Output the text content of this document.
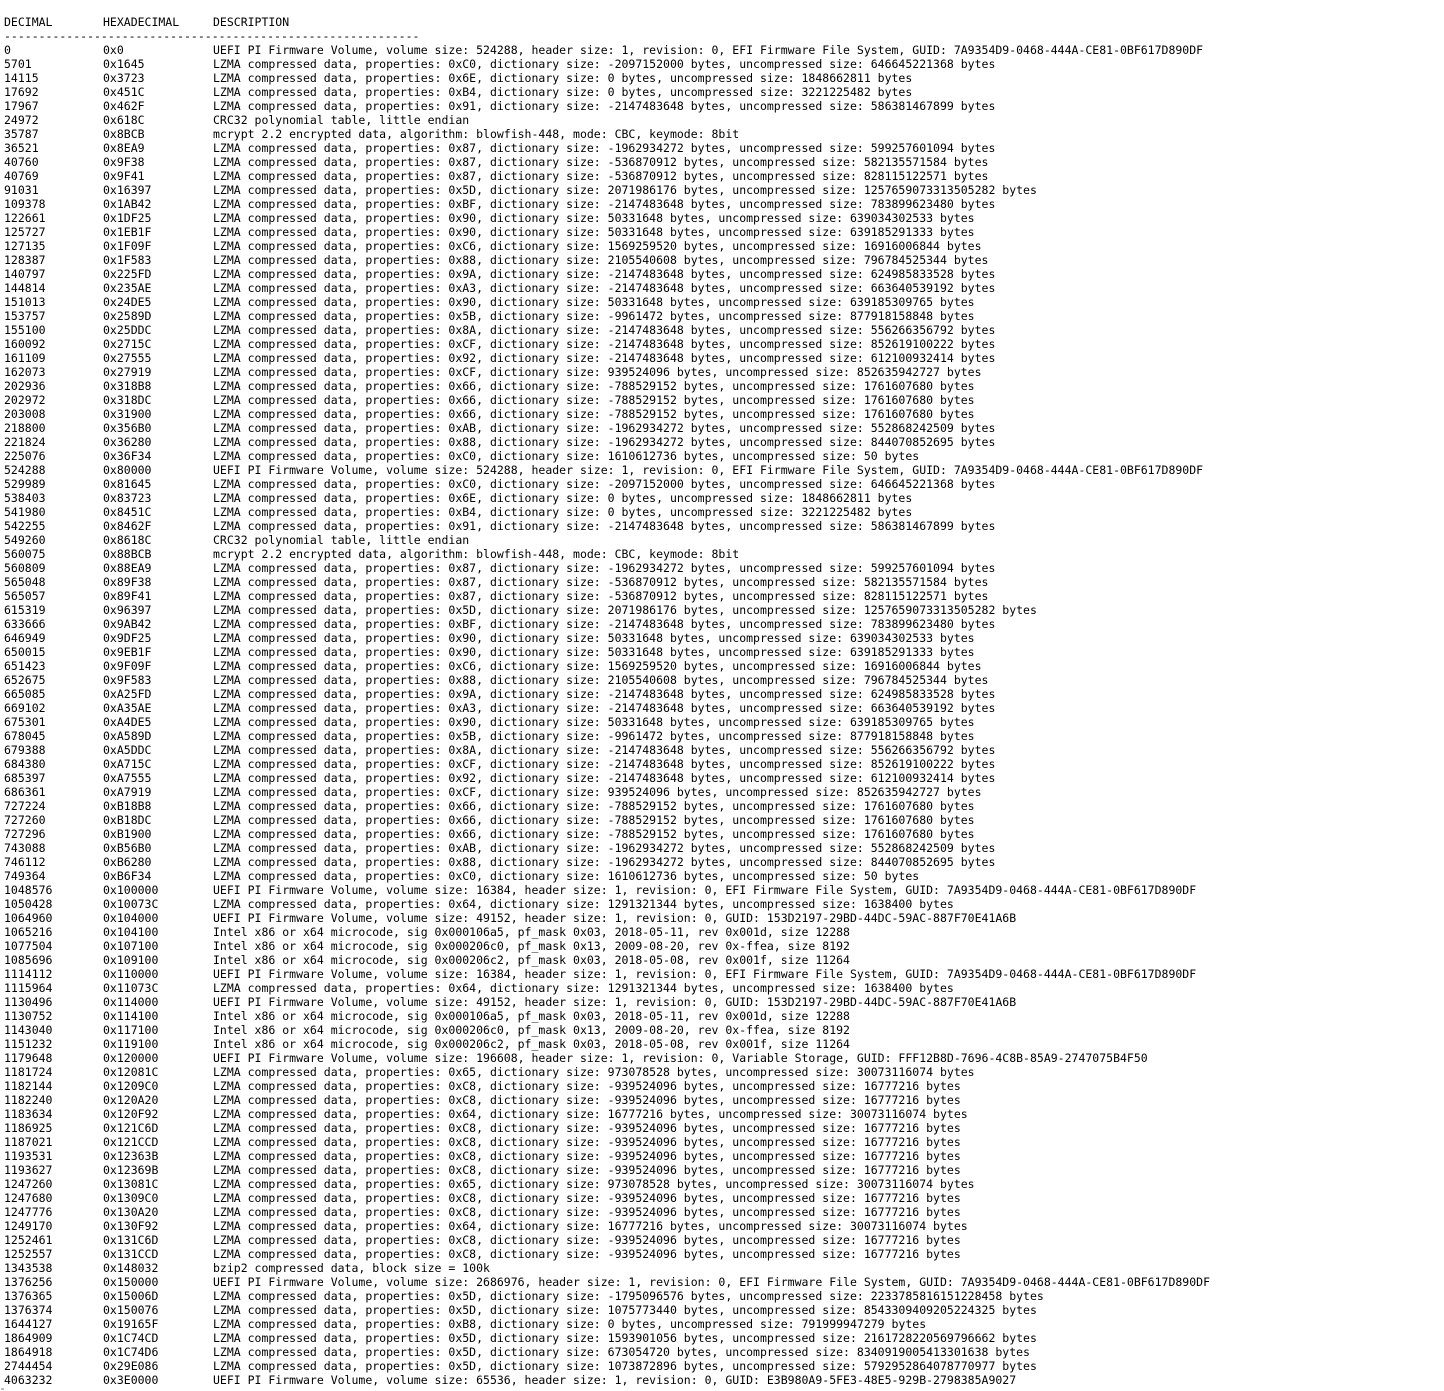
DECIMAL	HEXADECIMAL	DESCRIPTION
------------------------------------------------------------
0	0x0	UEFI PI Firmware Volume, volume size: 524288, header size: 1, revision: 0, EFI Firmware File System, GUID: 7A9354D9-0468-444A-CE81-0BF617D890DF
5701	0x1645	LZMA compressed data, properties: 0xC0, dictionary size: -2097152000 bytes, uncompressed size: 646645221368 bytes
14115	0x3723	LZMA compressed data, properties: 0x6E, dictionary size: 0 bytes, uncompressed size: 1848662811 bytes
17692	0x451C	LZMA compressed data, properties: 0xB4, dictionary size: 0 bytes, uncompressed size: 3221225482 bytes
17967	0x462F	LZMA compressed data, properties: 0x91, dictionary size: -2147483648 bytes, uncompressed size: 586381467899 bytes
24972	0x618C	CRC32 polynomial table, little endian
35787	0x8BCB	mcrypt 2.2 encrypted data, algorithm: blowfish-448, mode: CBC, keymode: 8bit
36521	0x8EA9	LZMA compressed data, properties: 0x87, dictionary size: -1962934272 bytes, uncompressed size: 599257601094 bytes
40760	0x9F38	LZMA compressed data, properties: 0x87, dictionary size: -536870912 bytes, uncompressed size: 582135571584 bytes
40769	0x9F41	LZMA compressed data, properties: 0x87, dictionary size: -536870912 bytes, uncompressed size: 828115122571 bytes
91031	0x16397	LZMA compressed data, properties: 0x5D, dictionary size: 2071986176 bytes, uncompressed size: 1257659073313505282 bytes
109378	0x1AB42	LZMA compressed data, properties: 0xBF, dictionary size: -2147483648 bytes, uncompressed size: 783899623480 bytes
122661	0x1DF25	LZMA compressed data, properties: 0x90, dictionary size: 50331648 bytes, uncompressed size: 639034302533 bytes
125727	0x1EB1F	LZMA compressed data, properties: 0x90, dictionary size: 50331648 bytes, uncompressed size: 639185291333 bytes
127135	0x1F09F	LZMA compressed data, properties: 0xC6, dictionary size: 1569259520 bytes, uncompressed size: 16916006844 bytes
128387	0x1F583	LZMA compressed data, properties: 0x88, dictionary size: 2105540608 bytes, uncompressed size: 796784525344 bytes
140797	0x225FD	LZMA compressed data, properties: 0x9A, dictionary size: -2147483648 bytes, uncompressed size: 624985833528 bytes
144814	0x235AE	LZMA compressed data, properties: 0xA3, dictionary size: -2147483648 bytes, uncompressed size: 663640539192 bytes
151013	0x24DE5	LZMA compressed data, properties: 0x90, dictionary size: 50331648 bytes, uncompressed size: 639185309765 bytes
153757	0x2589D	LZMA compressed data, properties: 0x5B, dictionary size: -9961472 bytes, uncompressed size: 877918158848 bytes
155100	0x25DDC	LZMA compressed data, properties: 0x8A, dictionary size: -2147483648 bytes, uncompressed size: 556266356792 bytes
160092	0x2715C	LZMA compressed data, properties: 0xCF, dictionary size: -2147483648 bytes, uncompressed size: 852619100222 bytes
161109	0x27555	LZMA compressed data, properties: 0x92, dictionary size: -2147483648 bytes, uncompressed size: 612100932414 bytes
162073	0x27919	LZMA compressed data, properties: 0xCF, dictionary size: 939524096 bytes, uncompressed size: 852635942727 bytes
202936	0x318B8	LZMA compressed data, properties: 0x66, dictionary size: -788529152 bytes, uncompressed size: 1761607680 bytes
202972	0x318DC	LZMA compressed data, properties: 0x66, dictionary size: -788529152 bytes, uncompressed size: 1761607680 bytes
203008	0x31900	LZMA compressed data, properties: 0x66, dictionary size: -788529152 bytes, uncompressed size: 1761607680 bytes
218800	0x356B0	LZMA compressed data, properties: 0xAB, dictionary size: -1962934272 bytes, uncompressed size: 552868242509 bytes
221824	0x36280	LZMA compressed data, properties: 0x88, dictionary size: -1962934272 bytes, uncompressed size: 844070852695 bytes
225076	0x36F34	LZMA compressed data, properties: 0xC0, dictionary size: 1610612736 bytes, uncompressed size: 50 bytes
524288	0x80000	UEFI PI Firmware Volume, volume size: 524288, header size: 1, revision: 0, EFI Firmware File System, GUID: 7A9354D9-0468-444A-CE81-0BF617D890DF
529989	0x81645	LZMA compressed data, properties: 0xC0, dictionary size: -2097152000 bytes, uncompressed size: 646645221368 bytes
538403	0x83723	LZMA compressed data, properties: 0x6E, dictionary size: 0 bytes, uncompressed size: 1848662811 bytes
541980	0x8451C	LZMA compressed data, properties: 0xB4, dictionary size: 0 bytes, uncompressed size: 3221225482 bytes
542255	0x8462F	LZMA compressed data, properties: 0x91, dictionary size: -2147483648 bytes, uncompressed size: 586381467899 bytes
549260	0x8618C	CRC32 polynomial table, little endian
560075	0x88BCB	mcrypt 2.2 encrypted data, algorithm: blowfish-448, mode: CBC, keymode: 8bit
560809	0x88EA9	LZMA compressed data, properties: 0x87, dictionary size: -1962934272 bytes, uncompressed size: 599257601094 bytes
565048	0x89F38	LZMA compressed data, properties: 0x87, dictionary size: -536870912 bytes, uncompressed size: 582135571584 bytes
565057	0x89F41	LZMA compressed data, properties: 0x87, dictionary size: -536870912 bytes, uncompressed size: 828115122571 bytes
615319	0x96397	LZMA compressed data, properties: 0x5D, dictionary size: 2071986176 bytes, uncompressed size: 1257659073313505282 bytes
633666	0x9AB42	LZMA compressed data, properties: 0xBF, dictionary size: -2147483648 bytes, uncompressed size: 783899623480 bytes
646949	0x9DF25	LZMA compressed data, properties: 0x90, dictionary size: 50331648 bytes, uncompressed size: 639034302533 bytes
650015	0x9EB1F	LZMA compressed data, properties: 0x90, dictionary size: 50331648 bytes, uncompressed size: 639185291333 bytes
651423	0x9F09F	LZMA compressed data, properties: 0xC6, dictionary size: 1569259520 bytes, uncompressed size: 16916006844 bytes
652675	0x9F583	LZMA compressed data, properties: 0x88, dictionary size: 2105540608 bytes, uncompressed size: 796784525344 bytes
665085	0xA25FD	LZMA compressed data, properties: 0x9A, dictionary size: -2147483648 bytes, uncompressed size: 624985833528 bytes
669102	0xA35AE	LZMA compressed data, properties: 0xA3, dictionary size: -2147483648 bytes, uncompressed size: 663640539192 bytes
675301	0xA4DE5	LZMA compressed data, properties: 0x90, dictionary size: 50331648 bytes, uncompressed size: 639185309765 bytes
678045	0xA589D	LZMA compressed data, properties: 0x5B, dictionary size: -9961472 bytes, uncompressed size: 877918158848 bytes
679388	0xA5DDC	LZMA compressed data, properties: 0x8A, dictionary size: -2147483648 bytes, uncompressed size: 556266356792 bytes
684380	0xA715C	LZMA compressed data, properties: 0xCF, dictionary size: -2147483648 bytes, uncompressed size: 852619100222 bytes
685397	0xA7555	LZMA compressed data, properties: 0x92, dictionary size: -2147483648 bytes, uncompressed size: 612100932414 bytes
686361	0xA7919	LZMA compressed data, properties: 0xCF, dictionary size: 939524096 bytes, uncompressed size: 852635942727 bytes
727224	0xB18B8	LZMA compressed data, properties: 0x66, dictionary size: -788529152 bytes, uncompressed size: 1761607680 bytes
727260	0xB18DC	LZMA compressed data, properties: 0x66, dictionary size: -788529152 bytes, uncompressed size: 1761607680 bytes
727296	0xB1900	LZMA compressed data, properties: 0x66, dictionary size: -788529152 bytes, uncompressed size: 1761607680 bytes
743088	0xB56B0	LZMA compressed data, properties: 0xAB, dictionary size: -1962934272 bytes, uncompressed size: 552868242509 bytes
746112	0xB6280	LZMA compressed data, properties: 0x88, dictionary size: -1962934272 bytes, uncompressed size: 844070852695 bytes
749364	0xB6F34	LZMA compressed data, properties: 0xC0, dictionary size: 1610612736 bytes, uncompressed size: 50 bytes
1048576	0x100000	UEFI PI Firmware Volume, volume size: 16384, header size: 1, revision: 0, EFI Firmware File System, GUID: 7A9354D9-0468-444A-CE81-0BF617D890DF
1050428	0x10073C	LZMA compressed data, properties: 0x64, dictionary size: 1291321344 bytes, uncompressed size: 1638400 bytes
1064960	0x104000	UEFI PI Firmware Volume, volume size: 49152, header size: 1, revision: 0, GUID: 153D2197-29BD-44DC-59AC-887F70E41A6B
1065216	0x104100	Intel x86 or x64 microcode, sig 0x000106a5, pf_mask 0x03, 2018-05-11, rev 0x001d, size 12288
1077504	0x107100	Intel x86 or x64 microcode, sig 0x000206c0, pf_mask 0x13, 2009-08-20, rev 0x-ffea, size 8192
1085696	0x109100	Intel x86 or x64 microcode, sig 0x000206c2, pf_mask 0x03, 2018-05-08, rev 0x001f, size 11264
1114112	0x110000	UEFI PI Firmware Volume, volume size: 16384, header size: 1, revision: 0, EFI Firmware File System, GUID: 7A9354D9-0468-444A-CE81-0BF617D890DF
1115964	0x11073C	LZMA compressed data, properties: 0x64, dictionary size: 1291321344 bytes, uncompressed size: 1638400 bytes
1130496	0x114000	UEFI PI Firmware Volume, volume size: 49152, header size: 1, revision: 0, GUID: 153D2197-29BD-44DC-59AC-887F70E41A6B
1130752	0x114100	Intel x86 or x64 microcode, sig 0x000106a5, pf_mask 0x03, 2018-05-11, rev 0x001d, size 12288
1143040	0x117100	Intel x86 or x64 microcode, sig 0x000206c0, pf_mask 0x13, 2009-08-20, rev 0x-ffea, size 8192
1151232	0x119100	Intel x86 or x64 microcode, sig 0x000206c2, pf_mask 0x03, 2018-05-08, rev 0x001f, size 11264
1179648	0x120000	UEFI PI Firmware Volume, volume size: 196608, header size: 1, revision: 0, Variable Storage, GUID: FFF12B8D-7696-4C8B-85A9-2747075B4F50
1181724	0x12081C	LZMA compressed data, properties: 0x65, dictionary size: 973078528 bytes, uncompressed size: 30073116074 bytes
1182144	0x1209C0	LZMA compressed data, properties: 0xC8, dictionary size: -939524096 bytes, uncompressed size: 16777216 bytes
1182240	0x120A20	LZMA compressed data, properties: 0xC8, dictionary size: -939524096 bytes, uncompressed size: 16777216 bytes
1183634	0x120F92	LZMA compressed data, properties: 0x64, dictionary size: 16777216 bytes, uncompressed size: 30073116074 bytes
1186925	0x121C6D	LZMA compressed data, properties: 0xC8, dictionary size: -939524096 bytes, uncompressed size: 16777216 bytes
1187021	0x121CCD	LZMA compressed data, properties: 0xC8, dictionary size: -939524096 bytes, uncompressed size: 16777216 bytes
1193531	0x12363B	LZMA compressed data, properties: 0xC8, dictionary size: -939524096 bytes, uncompressed size: 16777216 bytes
1193627	0x12369B	LZMA compressed data, properties: 0xC8, dictionary size: -939524096 bytes, uncompressed size: 16777216 bytes
1247260	0x13081C	LZMA compressed data, properties: 0x65, dictionary size: 973078528 bytes, uncompressed size: 30073116074 bytes
1247680	0x1309C0	LZMA compressed data, properties: 0xC8, dictionary size: -939524096 bytes, uncompressed size: 16777216 bytes
1247776	0x130A20	LZMA compressed data, properties: 0xC8, dictionary size: -939524096 bytes, uncompressed size: 16777216 bytes
1249170	0x130F92	LZMA compressed data, properties: 0x64, dictionary size: 16777216 bytes, uncompressed size: 30073116074 bytes
1252461	0x131C6D	LZMA compressed data, properties: 0xC8, dictionary size: -939524096 bytes, uncompressed size: 16777216 bytes
1252557	0x131CCD	LZMA compressed data, properties: 0xC8, dictionary size: -939524096 bytes, uncompressed size: 16777216 bytes
1343538	0x148032	bzip2 compressed data, block size = 100k
1376256	0x150000	UEFI PI Firmware Volume, volume size: 2686976, header size: 1, revision: 0, EFI Firmware File System, GUID: 7A9354D9-0468-444A-CE81-0BF617D890DF
1376365	0x15006D	LZMA compressed data, properties: 0x5D, dictionary size: -1795096576 bytes, uncompressed size: 2233785816151228458 bytes
1376374	0x150076	LZMA compressed data, properties: 0x5D, dictionary size: 1075773440 bytes, uncompressed size: 8543309409205224325 bytes
1644127	0x19165F	LZMA compressed data, properties: 0xB8, dictionary size: 0 bytes, uncompressed size: 791999947279 bytes
1864909	0x1C74CD	LZMA compressed data, properties: 0x5D, dictionary size: 1593901056 bytes, uncompressed size: 2161728220569796662 bytes
1864918	0x1C74D6	LZMA compressed data, properties: 0x5D, dictionary size: 673054720 bytes, uncompressed size: 8340919005413301638 bytes
2744454	0x29E086	LZMA compressed data, properties: 0x5D, dictionary size: 1073872896 bytes, uncompressed size: 5792952864078770977 bytes
4063232	0x3E0000	UEFI PI Firmware Volume, volume size: 65536, header size: 1, revision: 0, GUID: E3B980A9-5FE3-48E5-929B-2798385A9027
